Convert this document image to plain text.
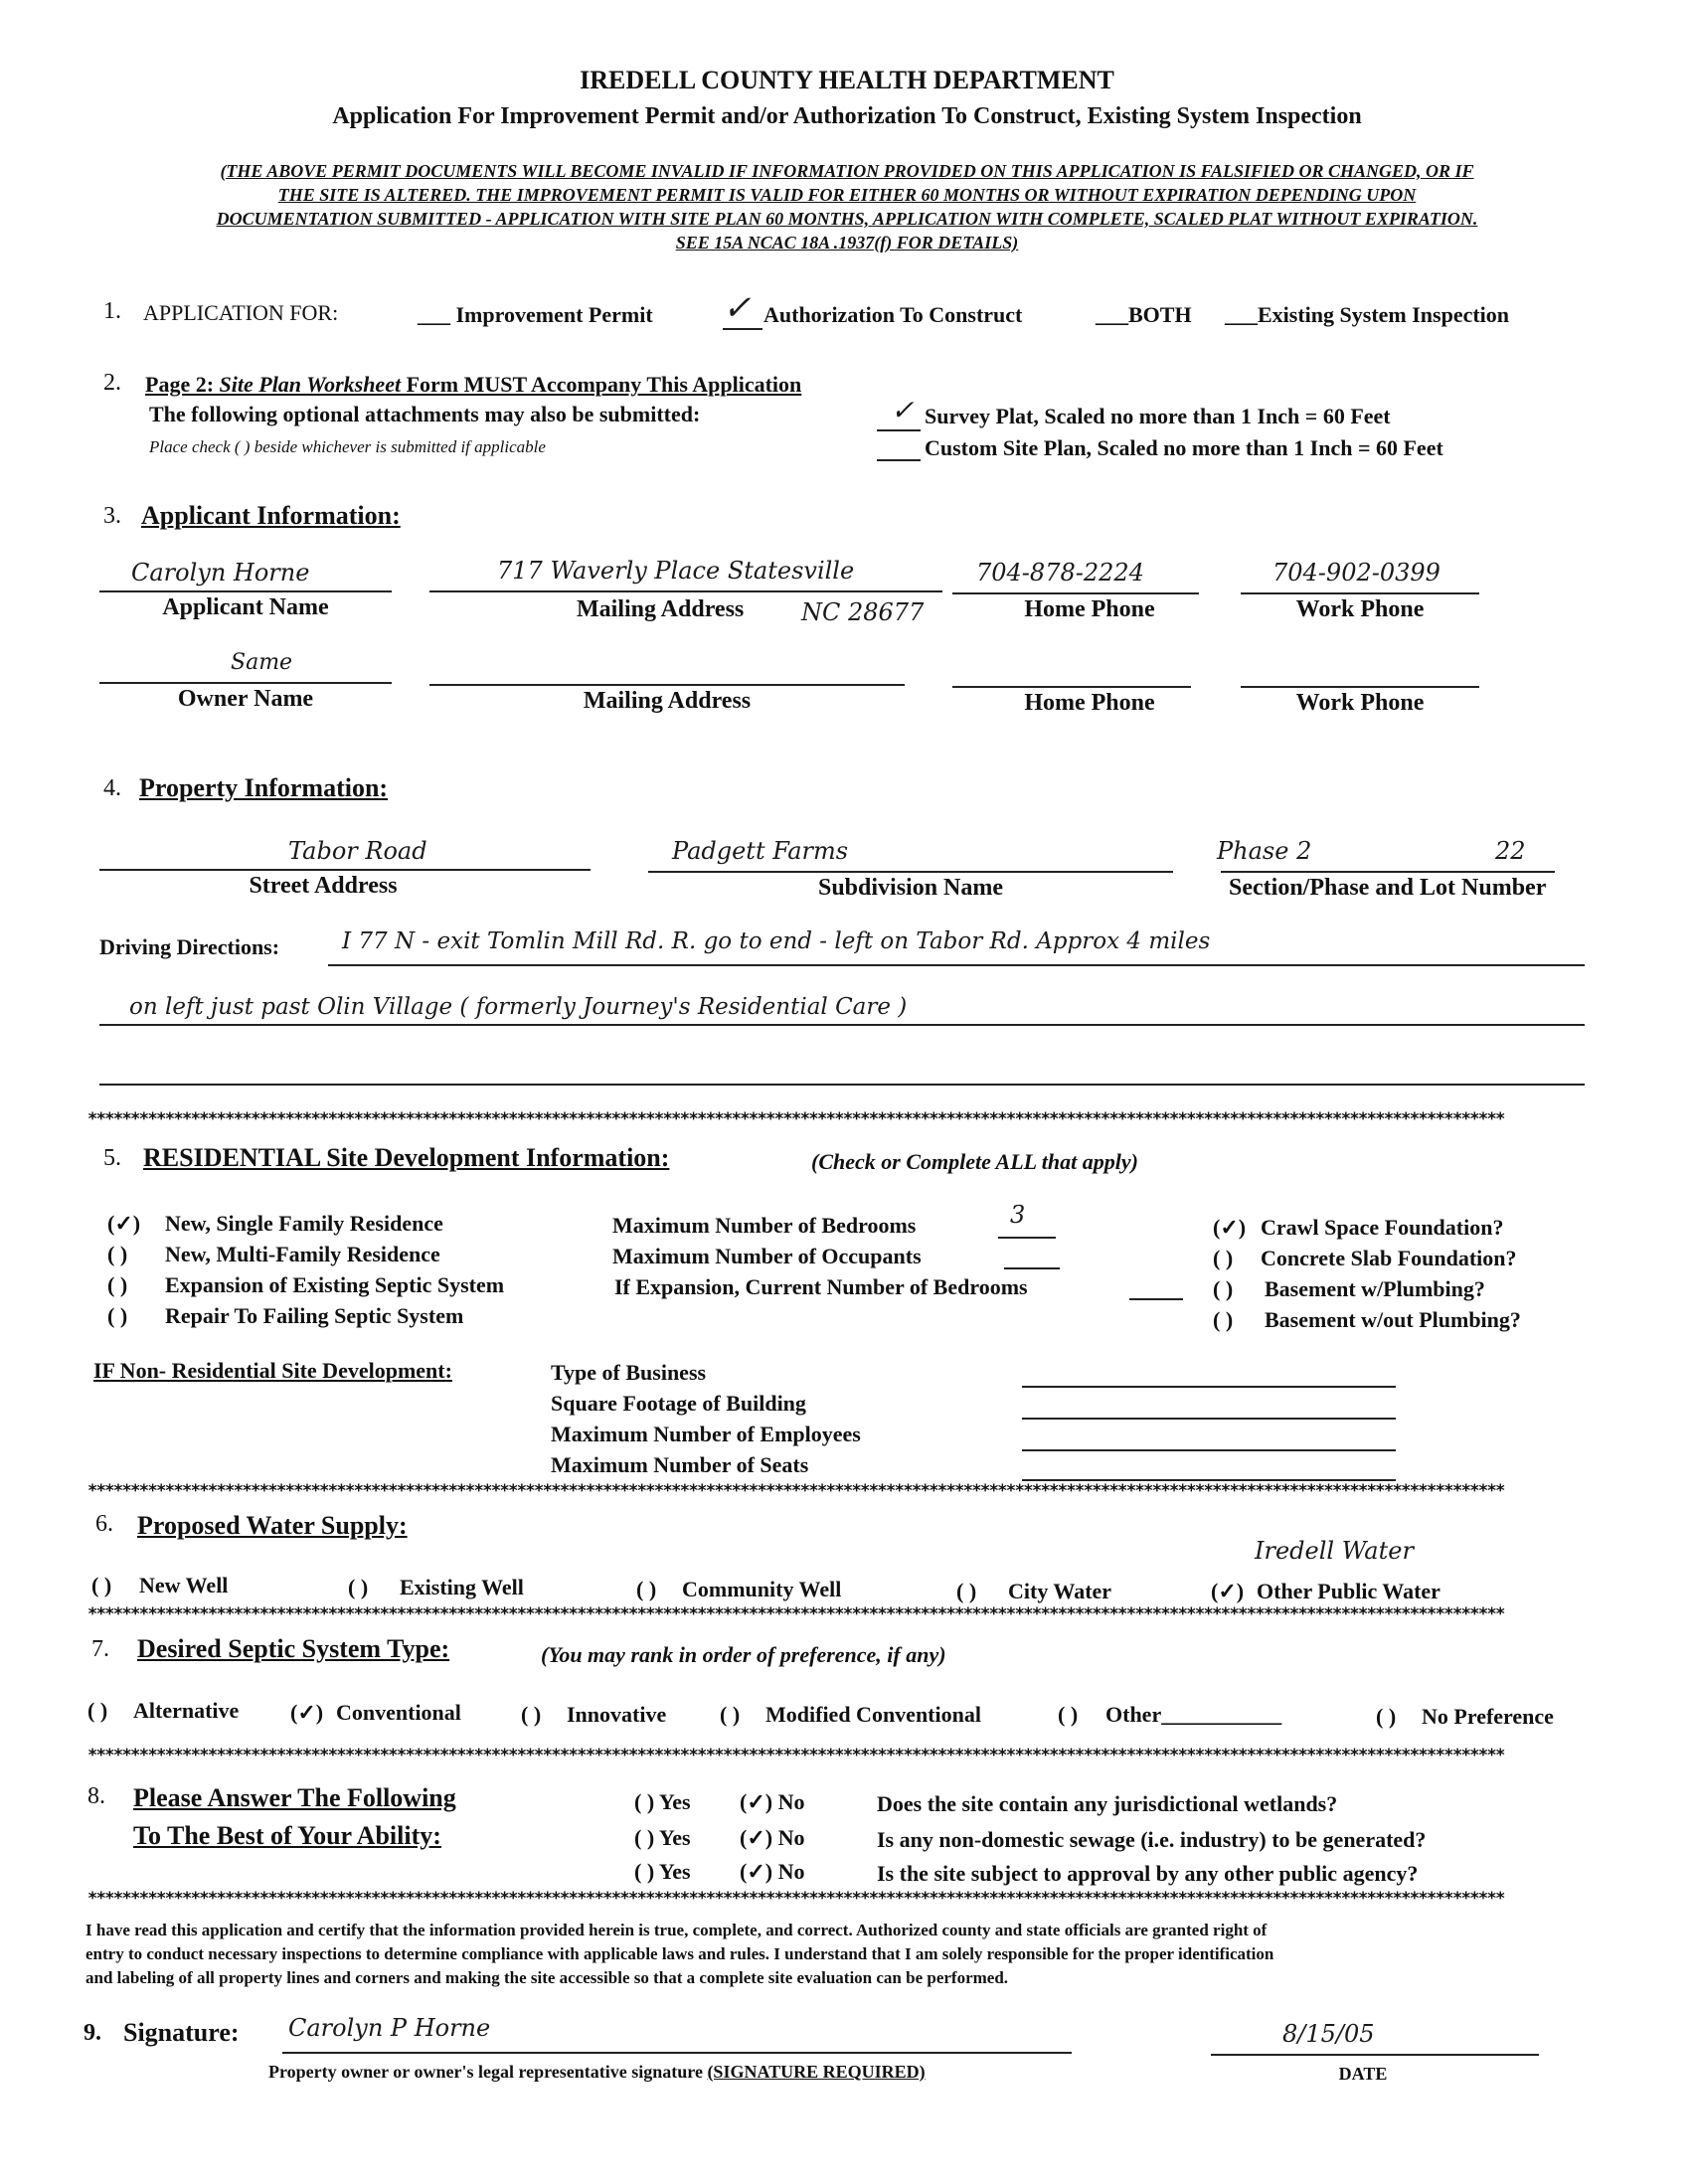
IREDELL COUNTY HEALTH DEPARTMENT
Application For Improvement Permit and/or Authorization To Construct, Existing System Inspection
(THE ABOVE PERMIT DOCUMENTS WILL BECOME INVALID IF INFORMATION PROVIDED ON THIS APPLICATION IS FALSIFIED OR CHANGED, OR IF
THE SITE IS ALTERED. THE IMPROVEMENT PERMIT IS VALID FOR EITHER 60 MONTHS OR WITHOUT EXPIRATION DEPENDING UPON
DOCUMENTATION SUBMITTED - APPLICATION WITH SITE PLAN 60 MONTHS, APPLICATION WITH COMPLETE, SCALED PLAT WITHOUT EXPIRATION.
SEE 15A NCAC 18A .1937(f) FOR DETAILS)
1. APPLICATION FOR:	___ Improvement Permit ✓ Authorization To Construct	___BOTH ___Existing System Inspection
2. Page 2: Site Plan Worksheet Form MUST Accompany This Application
The following optional attachments may also be submitted:
Place check ( ) beside whichever is submitted if applicable
✓ Survey Plat, Scaled no more than 1 Inch = 60 Feet
Custom Site Plan, Scaled no more than 1 Inch = 60 Feet
3. Applicant Information:
Carolyn Horne
Applicant Name
717 Waverly Place Statesville
Mailing Address NC 28677
704-878-2224
Home Phone
704-902-0399
Work Phone
Same
Owner Name	Mailing Address	Home Phone	Work Phone
4. Property Information:
Tabor Road
Street Address
Padgett Farms
Subdivision Name
Phase 2	22
Section/Phase and Lot Number
Driving Directions:	I 77 N - exit Tomlin Mill Rd. R. go to end - left on Tabor Rd. Approx 4 miles
on left just past Olin Village ( formerly Journey's Residential Care )
*********************************************************************************************************************************************************************
5. RESIDENTIAL Site Development Information:	(Check or Complete ALL that apply)
(✓) New, Single Family Residence
( ) New, Multi-Family Residence
( ) Expansion of Existing Septic System
( ) Repair To Failing Septic System
Maximum Number of Bedrooms	3
Maximum Number of Occupants
If Expansion, Current Number of Bedrooms
(✓) Crawl Space Foundation?
( ) Concrete Slab Foundation?
( ) Basement w/Plumbing?
( ) Basement w/out Plumbing?
IF Non- Residential Site Development:	Type of Business
Square Footage of Building
Maximum Number of Employees
Maximum Number of Seats
*********************************************************************************************************************************************************************
6. Proposed Water Supply:
Iredell Water
( ) New Well	( ) Existing Well	( ) Community Well	( ) City Water	(✓) Other Public Water
*********************************************************************************************************************************************************************
7. Desired Septic System Type:	(You may rank in order of preference, if any)
( ) Alternative (✓) Conventional	( ) Innovative ( ) Modified Conventional	( ) Other___________	( ) No Preference
*********************************************************************************************************************************************************************
8. Please Answer The Following
To The Best of Your Ability:
( ) Yes (✓) No	Does the site contain any jurisdictional wetlands?
( ) Yes (✓) No	Is any non-domestic sewage (i.e. industry) to be generated?
( ) Yes (✓) No	Is the site subject to approval by any other public agency?
*********************************************************************************************************************************************************************
I have read this application and certify that the information provided herein is true, complete, and correct. Authorized county and state officials are granted right of
entry to conduct necessary inspections to determine compliance with applicable laws and rules. I understand that I am solely responsible for the proper identification
and labeling of all property lines and corners and making the site accessible so that a complete site evaluation can be performed.
9. Signature: Carolyn P Horne
Property owner or owner's legal representative signature (SIGNATURE REQUIRED)
8/15/05
DATE
